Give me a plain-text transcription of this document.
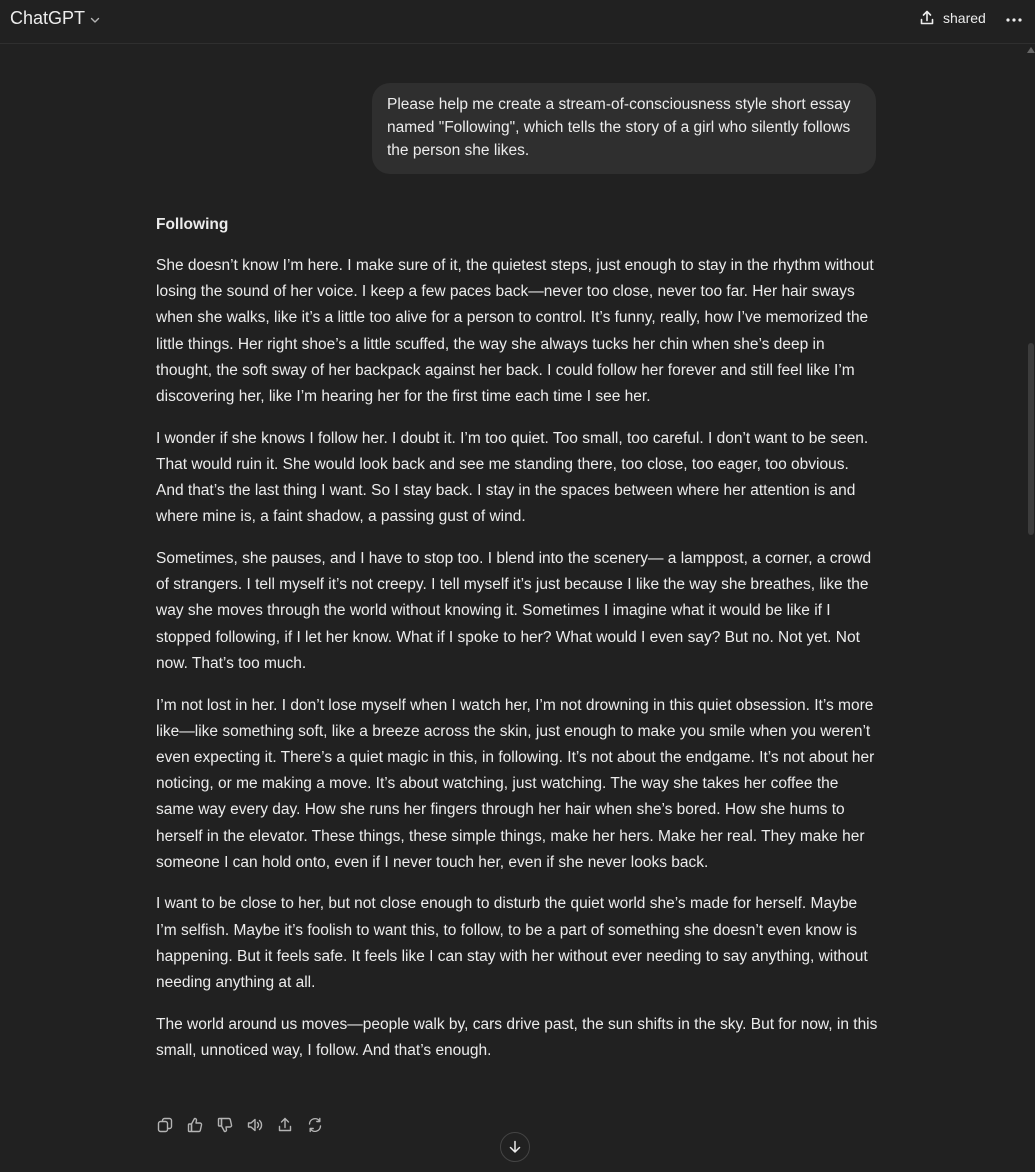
ChatGPT	shared
Please help me create a stream-of-consciousness style short essay named "Following", which tells the story of a girl who silently follows the person she likes.
Following

She doesn’t know I’m here. I make sure of it, the quietest steps, just enough to stay in the rhythm without losing the sound of her voice. I keep a few paces back—never too close, never too far. Her hair sways when she walks, like it’s a little too alive for a person to control. It’s funny, really, how I’ve memorized the little things. Her right shoe’s a little scuffed, the way she always tucks her chin when she’s deep in thought, the soft sway of her backpack against her back. I could follow her forever and still feel like I’m discovering her, like I’m hearing her for the first time each time I see her.

I wonder if she knows I follow her. I doubt it. I’m too quiet. Too small, too careful. I don’t want to be seen. That would ruin it. She would look back and see me standing there, too close, too eager, too obvious. And that’s the last thing I want. So I stay back. I stay in the spaces between where her attention is and where mine is, a faint shadow, a passing gust of wind.

Sometimes, she pauses, and I have to stop too. I blend into the scenery— a lamppost, a corner, a crowd of strangers. I tell myself it’s not creepy. I tell myself it’s just because I like the way she breathes, like the way she moves through the world without knowing it. Sometimes I imagine what it would be like if I stopped following, if I let her know. What if I spoke to her? What would I even say? But no. Not yet. Not now. That’s too much.

I’m not lost in her. I don’t lose myself when I watch her, I’m not drowning in this quiet obsession. It’s more like—like something soft, like a breeze across the skin, just enough to make you smile when you weren’t even expecting it. There’s a quiet magic in this, in following. It’s not about the endgame. It’s not about her noticing, or me making a move. It’s about watching, just watching. The way she takes her coffee the same way every day. How she runs her fingers through her hair when she’s bored. How she hums to herself in the elevator. These things, these simple things, make her hers. Make her real. They make her someone I can hold onto, even if I never touch her, even if she never looks back.

I want to be close to her, but not close enough to disturb the quiet world she’s made for herself. Maybe I’m selfish. Maybe it’s foolish to want this, to follow, to be a part of something she doesn’t even know is happening. But it feels safe. It feels like I can stay with her without ever needing to say anything, without needing anything at all.

The world around us moves—people walk by, cars drive past, the sun shifts in the sky. But for now, in this small, unnoticed way, I follow. And that’s enough.
